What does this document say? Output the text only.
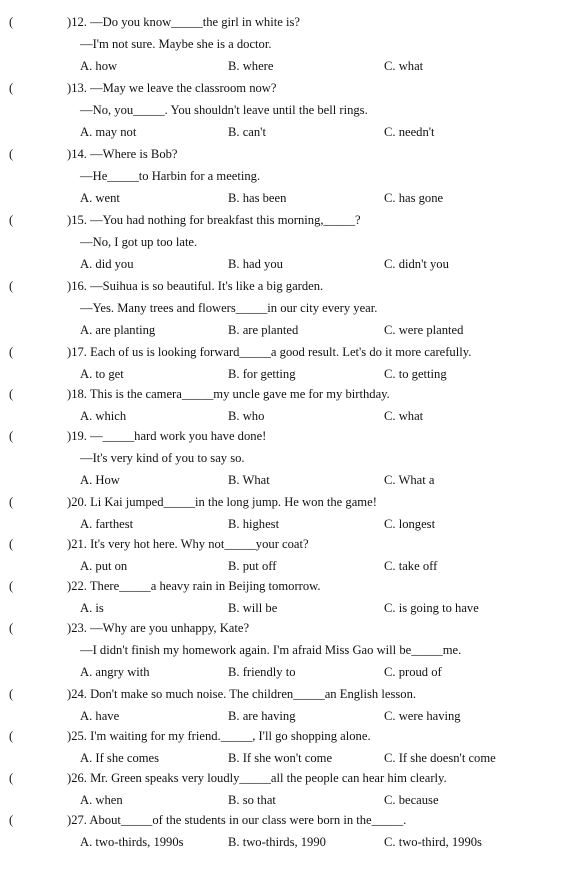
(	)12. —Do you know_____the girl in white is?
—I'm not sure. Maybe she is a doctor.
A. how	B. where	C. what
(	)13. —May we leave the classroom now?
—No, you_____. You shouldn't leave until the bell rings.
A. may not	B. can't	C. needn't
(	)14. —Where is Bob?
—He_____to Harbin for a meeting.
A. went	B. has been	C. has gone
(	)15. —You had nothing for breakfast this morning,_____?
—No, I got up too late.
A. did you	B. had you	C. didn't you
(	)16. —Suihua is so beautiful. It's like a big garden.
—Yes. Many trees and flowers_____in our city every year.
A. are planting	B. are planted	C. were planted
(	)17. Each of us is looking forward_____a good result. Let's do it more carefully.
A. to get	B. for getting	C. to getting
(	)18. This is the camera_____my uncle gave me for my birthday.
A. which	B. who	C. what
(	)19. —_____hard work you have done!
—It's very kind of you to say so.
A. How	B. What	C. What a
(	)20. Li Kai jumped_____in the long jump. He won the game!
A. farthest	B. highest	C. longest
(	)21. It's very hot here. Why not_____your coat?
A. put on	B. put off	C. take off
(	)22. There_____a heavy rain in Beijing tomorrow.
A. is	B. will be	C. is going to have
(	)23. —Why are you unhappy, Kate?
—I didn't finish my homework again. I'm afraid Miss Gao will be_____me.
A. angry with	B. friendly to	C. proud of
(	)24. Don't make so much noise. The children_____an English lesson.
A. have	B. are having	C. were having
(	)25. I'm waiting for my friend._____, I'll go shopping alone.
A. If she comes	B. If she won't come	C. If she doesn't come
(	)26. Mr. Green speaks very loudly_____all the people can hear him clearly.
A. when	B. so that	C. because
(	)27. About_____of the students in our class were born in the_____.
A. two-thirds, 1990s	B. two-thirds, 1990	C. two-third, 1990s
